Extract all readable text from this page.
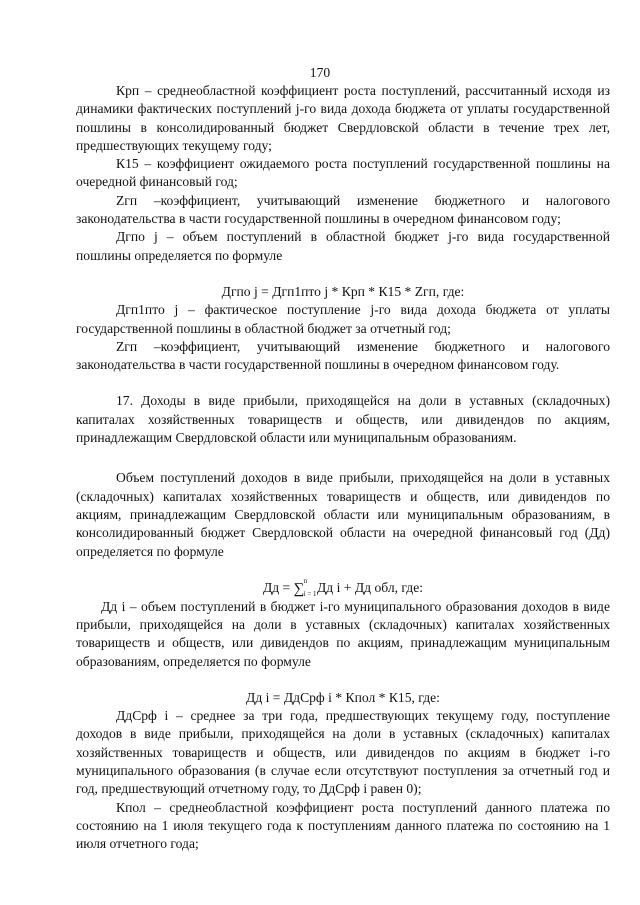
170

Крп – среднеобластной коэффициент роста поступлений, рассчитанный исходя из динамики фактических поступлений j-го вида дохода бюджета от уплаты государственной пошлины в консолидированный бюджет Свердловской области в течение трех лет, предшествующих текущему году;

К15 – коэффициент ожидаемого роста поступлений государственной пошлины на очередной финансовый год;

Zгп –коэффициент, учитывающий изменение бюджетного и налогового законодательства в части государственной пошлины в очередном финансовом году;

Дгпо j – объем поступлений в областной бюджет j-го вида государственной пошлины определяется по формуле

Дгпо j = Дгп1пто j * Крп * К15 * Zгп, где:

Дгп1пто j – фактическое поступление j-го вида дохода бюджета от уплаты государственной пошлины в областной бюджет за отчетный год;

Zгп –коэффициент, учитывающий изменение бюджетного и налогового законодательства в части государственной пошлины в очередном финансовом году.

17. Доходы в виде прибыли, приходящейся на доли в уставных (складочных) капиталах хозяйственных товариществ и обществ, или дивидендов по акциям, принадлежащим Свердловской области или муниципальным образованиям.

Объем поступлений доходов в виде прибыли, приходящейся на доли в уставных (складочных) капиталах хозяйственных товариществ и обществ, или дивидендов по акциям, принадлежащим Свердловской области или муниципальным образованиям, в консолидированный бюджет Свердловской области на очередной финансовый год (Дд) определяется по формуле

Дд = ∑ n
i = 1 Дд i + Дд обл, где:

Дд i – объем поступлений в бюджет i-го муниципального образования доходов в виде прибыли, приходящейся на доли в уставных (складочных) капиталах хозяйственных товариществ и обществ, или дивидендов по акциям, принадлежащим муниципальным образованиям, определяется по формуле

Дд i = ДдСрф i * Кпол * К15, где:

ДдСрф i – среднее за три года, предшествующих текущему году, поступление доходов в виде прибыли, приходящейся на доли в уставных (складочных) капиталах хозяйственных товариществ и обществ, или дивидендов по акциям в бюджет i-го муниципального образования (в случае если отсутствуют поступления за отчетный год и год, предшествующий отчетному году, то ДдСрф i равен 0);

Кпол – среднеобластной коэффициент роста поступлений данного платежа по состоянию на 1 июля текущего года к поступлениям данного платежа по состоянию на 1 июля отчетного года;
